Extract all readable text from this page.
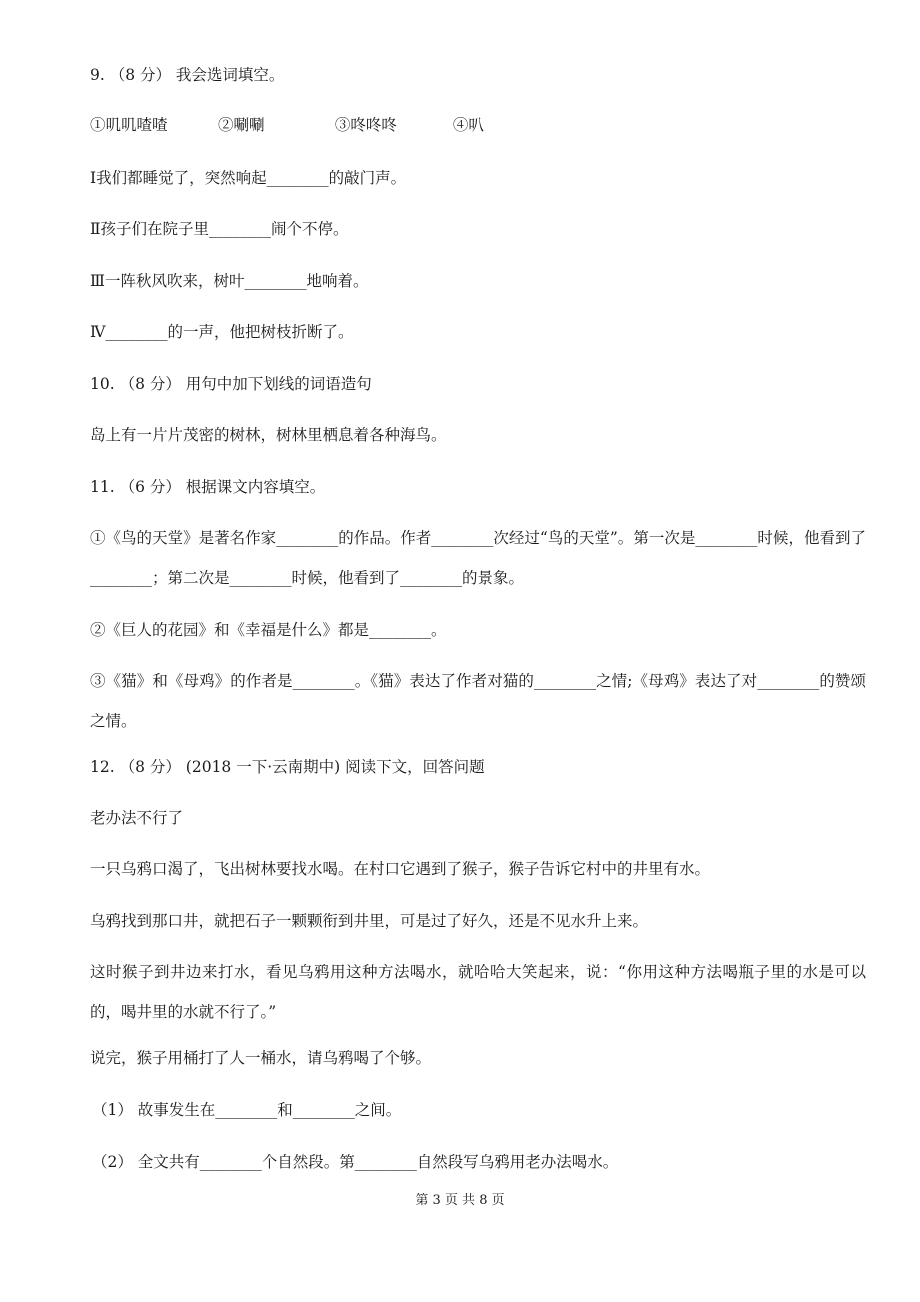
9. （8 分） 我会选词填空。
①叽叽喳喳	②唰唰	③咚咚咚	④叭
Ⅰ我们都睡觉了，突然响起________的敲门声。
Ⅱ孩子们在院子里________闹个不停。
Ⅲ一阵秋风吹来，树叶________地响着。
Ⅳ________的一声，他把树枝折断了。
10. （8 分） 用句中加下划线的词语造句
岛上有一片片茂密的树林，树林里栖息着各种海鸟。
11. （6 分） 根据课文内容填空。
①《鸟的天堂》是著名作家________的作品。作者________次经过“鸟的天堂”。第一次是________时候，他看到了________；第二次是________时候，他看到了________的景象。
②《巨人的花园》和《幸福是什么》都是________。
③《猫》和《母鸡》的作者是________。《猫》表达了作者对猫的________之情;《母鸡》表达了对________的赞颂之情。
12. （8 分） (2018 一下·云南期中) 阅读下文，回答问题
老办法不行了
一只乌鸦口渴了，飞出树林要找水喝。在村口它遇到了猴子，猴子告诉它村中的井里有水。
乌鸦找到那口井，就把石子一颗颗衔到井里，可是过了好久，还是不见水升上来。
这时猴子到井边来打水，看见乌鸦用这种方法喝水，就哈哈大笑起来，说：“你用这种方法喝瓶子里的水是可以的，喝井里的水就不行了。”
说完，猴子用桶打了人一桶水，请乌鸦喝了个够。
（1） 故事发生在________和________之间。
（2） 全文共有________个自然段。第________自然段写乌鸦用老办法喝水。
第 3 页 共 8 页
